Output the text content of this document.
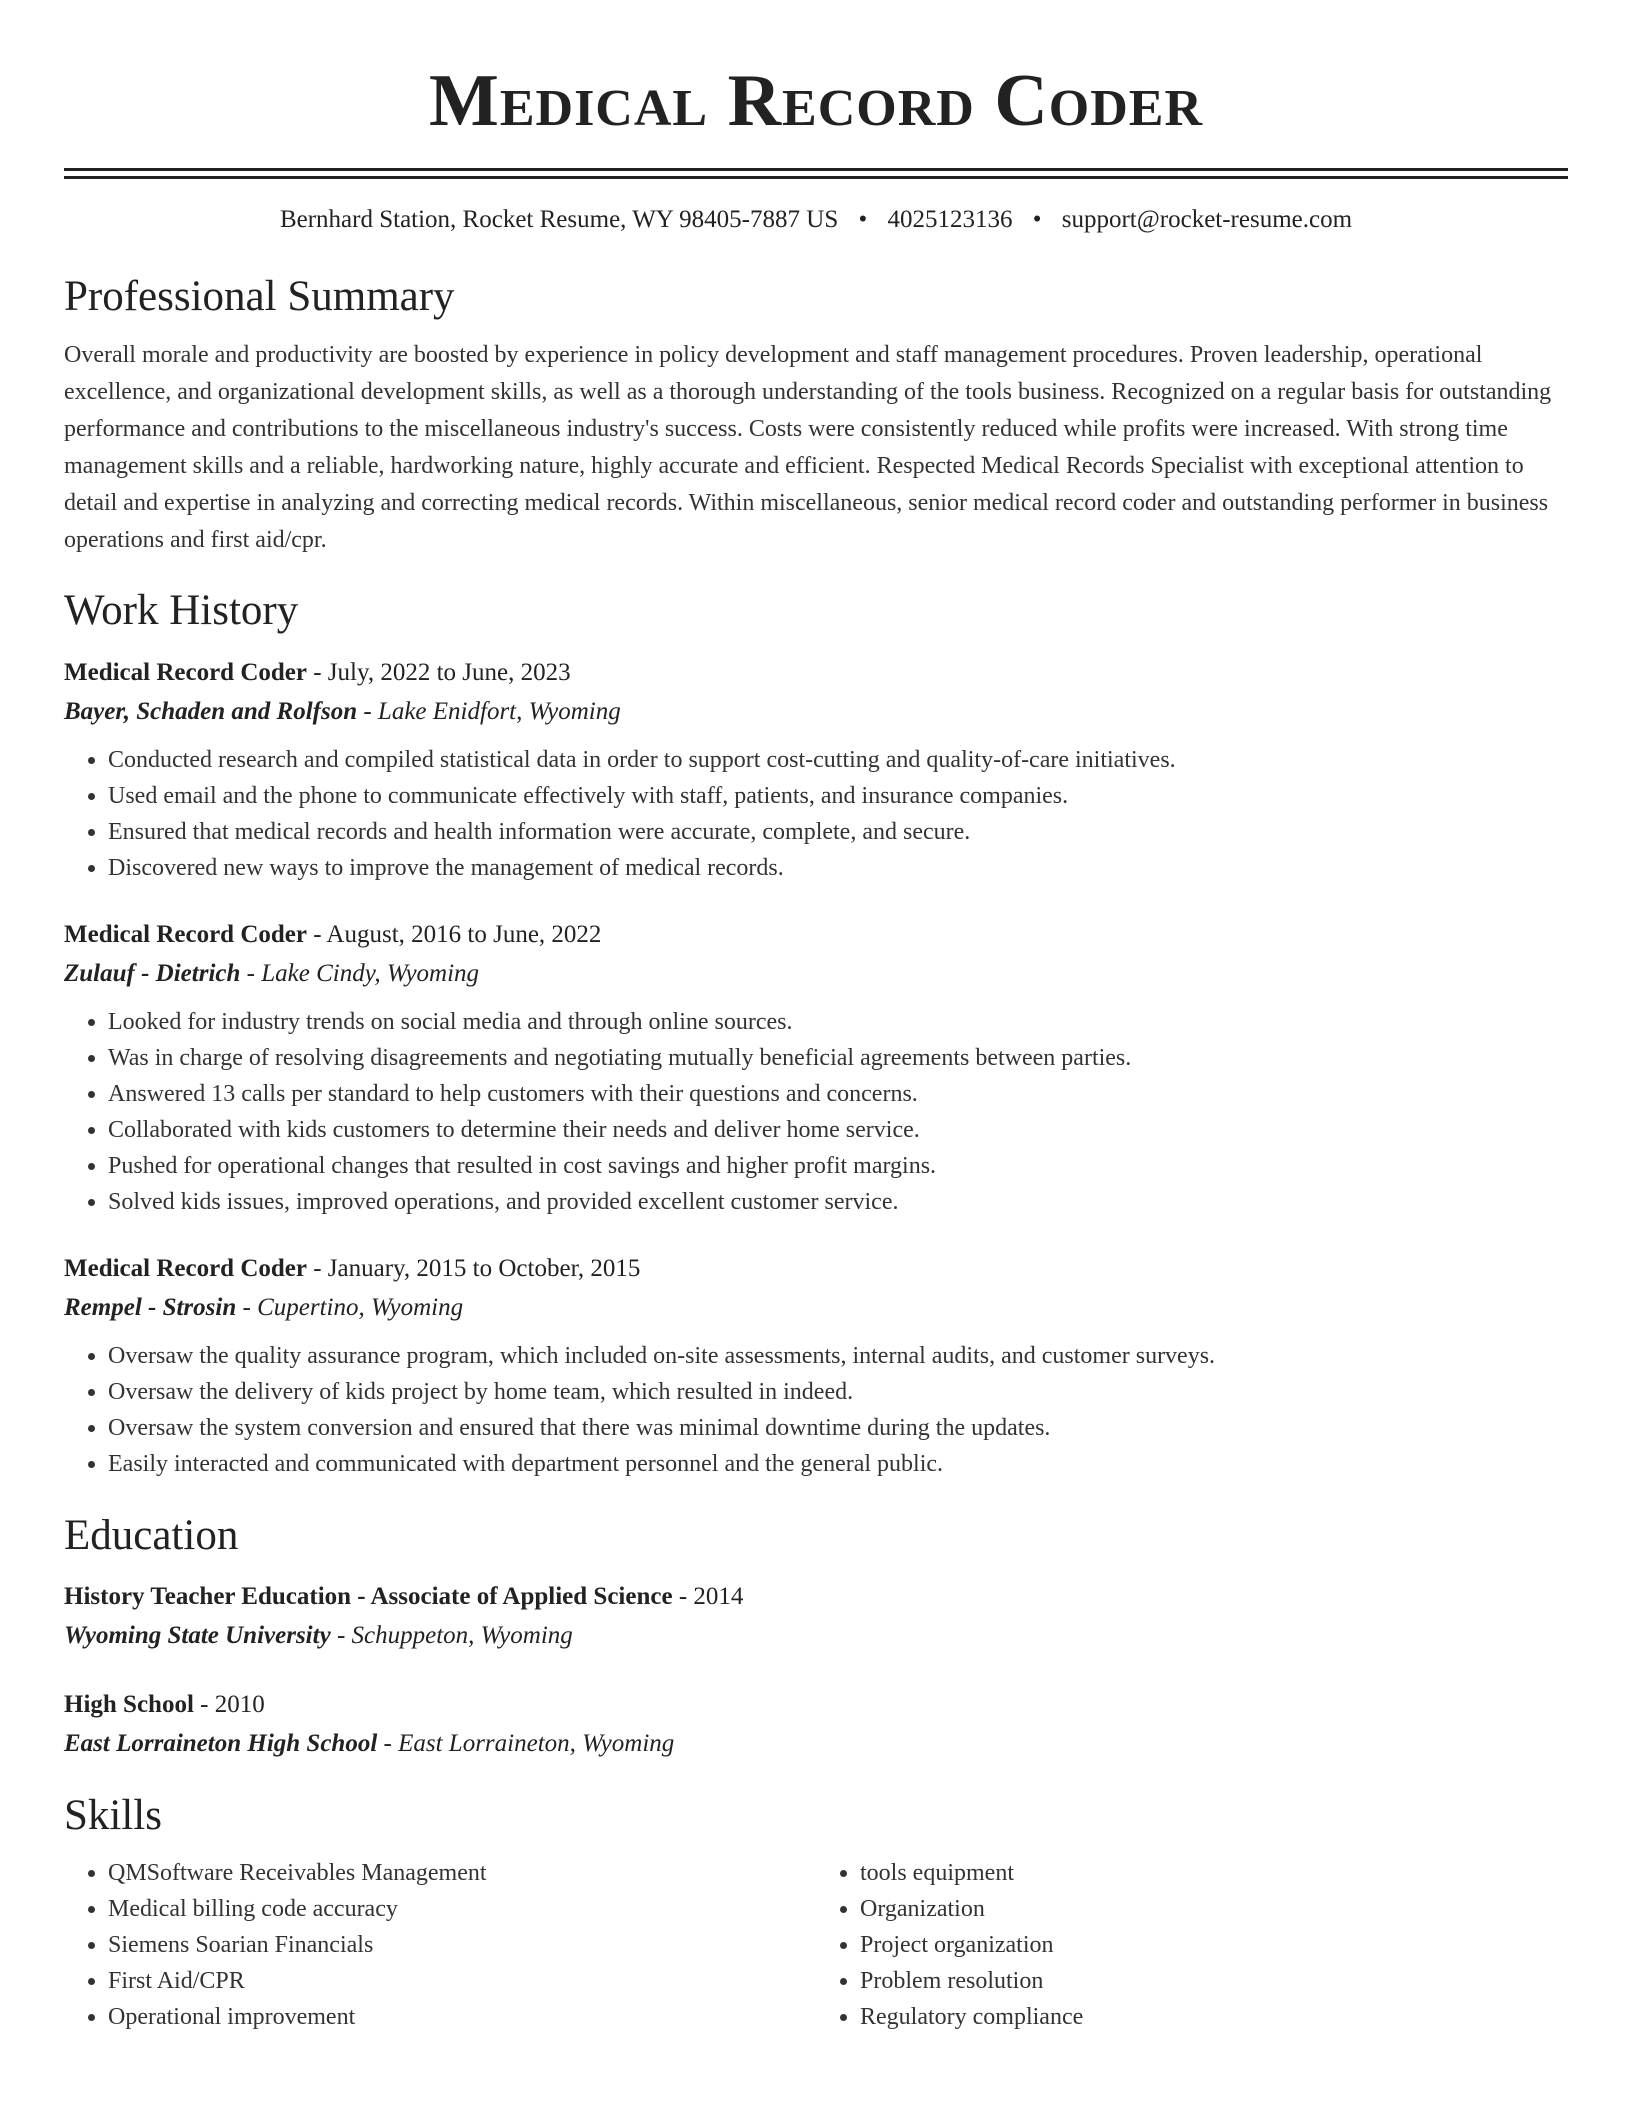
Medical Record Coder
Bernhard Station, Rocket Resume, WY 98405-7887 US • 4025123136 • support@rocket-resume.com
Professional Summary

Overall morale and productivity are boosted by experience in policy development and staff management procedures. Proven leadership, operational excellence, and organizational development skills, as well as a thorough understanding of the tools business. Recognized on a regular basis for outstanding performance and contributions to the miscellaneous industry's success. Costs were consistently reduced while profits were increased. With strong time management skills and a reliable, hardworking nature, highly accurate and efficient. Respected Medical Records Specialist with exceptional attention to detail and expertise in analyzing and correcting medical records. Within miscellaneous, senior medical record coder and outstanding performer in business operations and first aid/cpr.

Work History
Medical Record Coder - July, 2022 to June, 2023
Bayer, Schaden and Rolfson - Lake Enidfort, Wyoming
• Conducted research and compiled statistical data in order to support cost-cutting and quality-of-care initiatives.
• Used email and the phone to communicate effectively with staff, patients, and insurance companies.
• Ensured that medical records and health information were accurate, complete, and secure.
• Discovered new ways to improve the management of medical records.
Medical Record Coder - August, 2016 to June, 2022
Zulauf - Dietrich - Lake Cindy, Wyoming
• Looked for industry trends on social media and through online sources.
• Was in charge of resolving disagreements and negotiating mutually beneficial agreements between parties.
• Answered 13 calls per standard to help customers with their questions and concerns.
• Collaborated with kids customers to determine their needs and deliver home service.
• Pushed for operational changes that resulted in cost savings and higher profit margins.
• Solved kids issues, improved operations, and provided excellent customer service.
Medical Record Coder - January, 2015 to October, 2015
Rempel - Strosin - Cupertino, Wyoming
• Oversaw the quality assurance program, which included on-site assessments, internal audits, and customer surveys.
• Oversaw the delivery of kids project by home team, which resulted in indeed.
• Oversaw the system conversion and ensured that there was minimal downtime during the updates.
• Easily interacted and communicated with department personnel and the general public.
Education
History Teacher Education - Associate of Applied Science - 2014
Wyoming State University - Schuppeton, Wyoming
High School - 2010
East Lorraineton High School - East Lorraineton, Wyoming
Skills
• QMSoftware Receivables Management
• Medical billing code accuracy
• Siemens Soarian Financials
• First Aid/CPR
• Operational improvement
• tools equipment
• Organization
• Project organization
• Problem resolution
• Regulatory compliance
